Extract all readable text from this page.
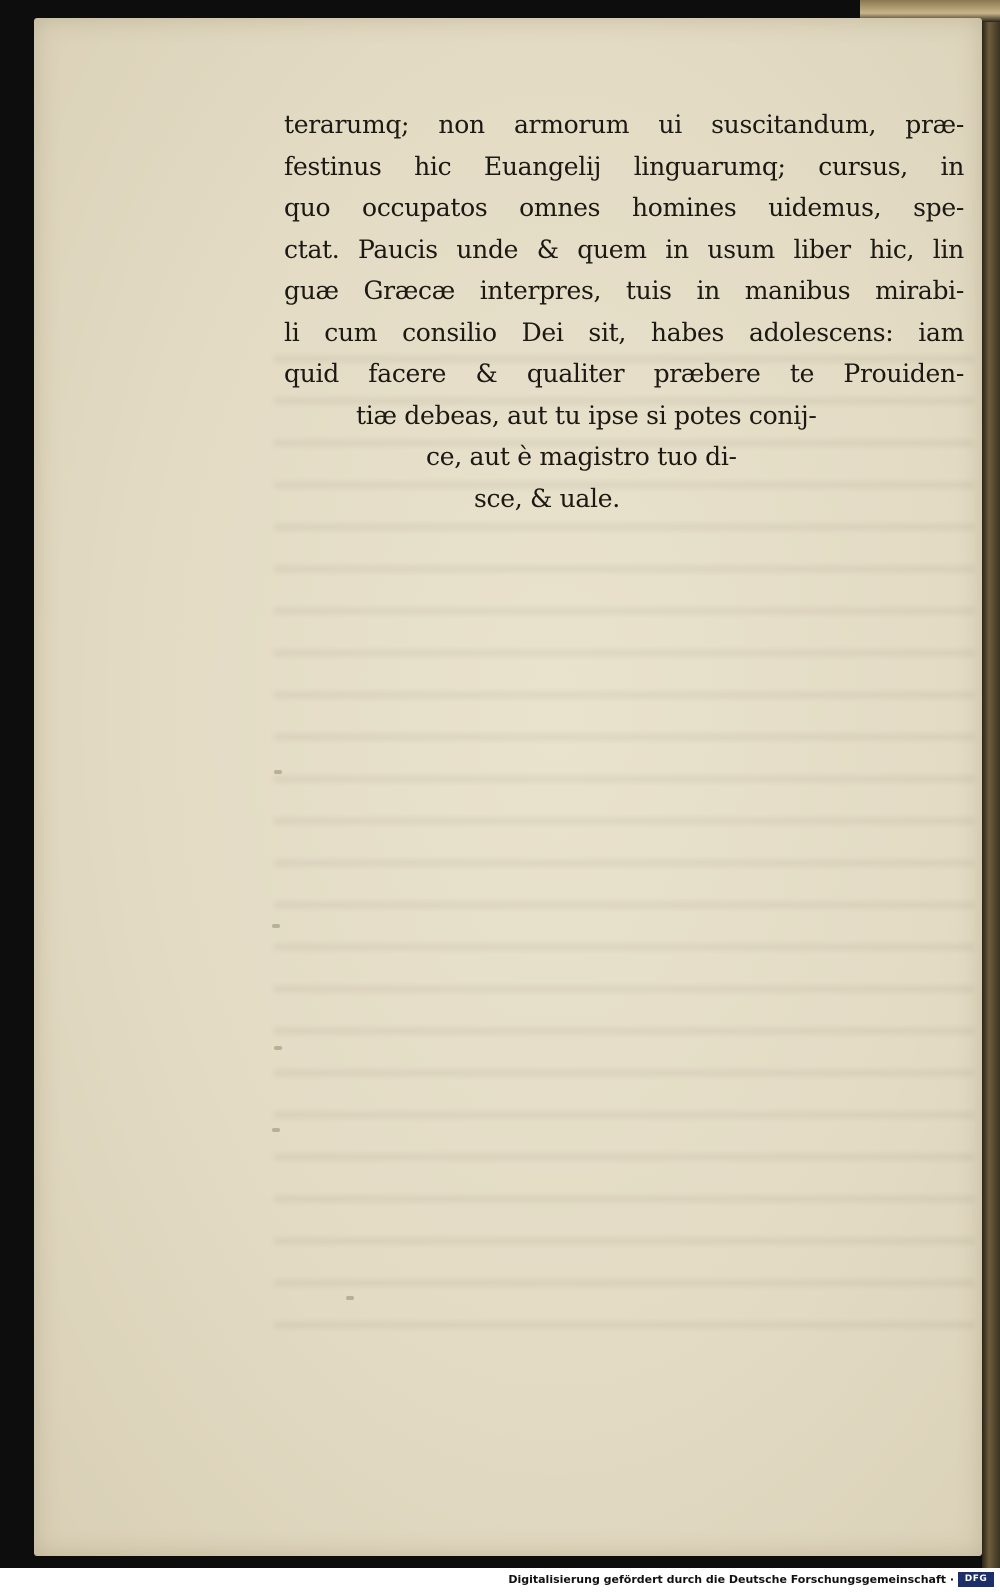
terarumq; non armorum ui suscitandum, præ-
festinus hic Euangelij linguarumq; cursus, in
quo occupatos omnes homines uidemus, spe-
ctat. Paucis unde & quem in usum liber hic, lin
guæ Græcæ interpres, tuis in manibus mirabi-
li cum consilio Dei sit, habes adolescens: iam
quid facere & qualiter præbere te Prouiden-
tiæ debeas, aut tu ipse si potes conij-
ce, aut è magistro tuo di-
sce, & uale.
Digitalisierung gefördert durch die Deutsche Forschungsgemeinschaft ·	DFG
